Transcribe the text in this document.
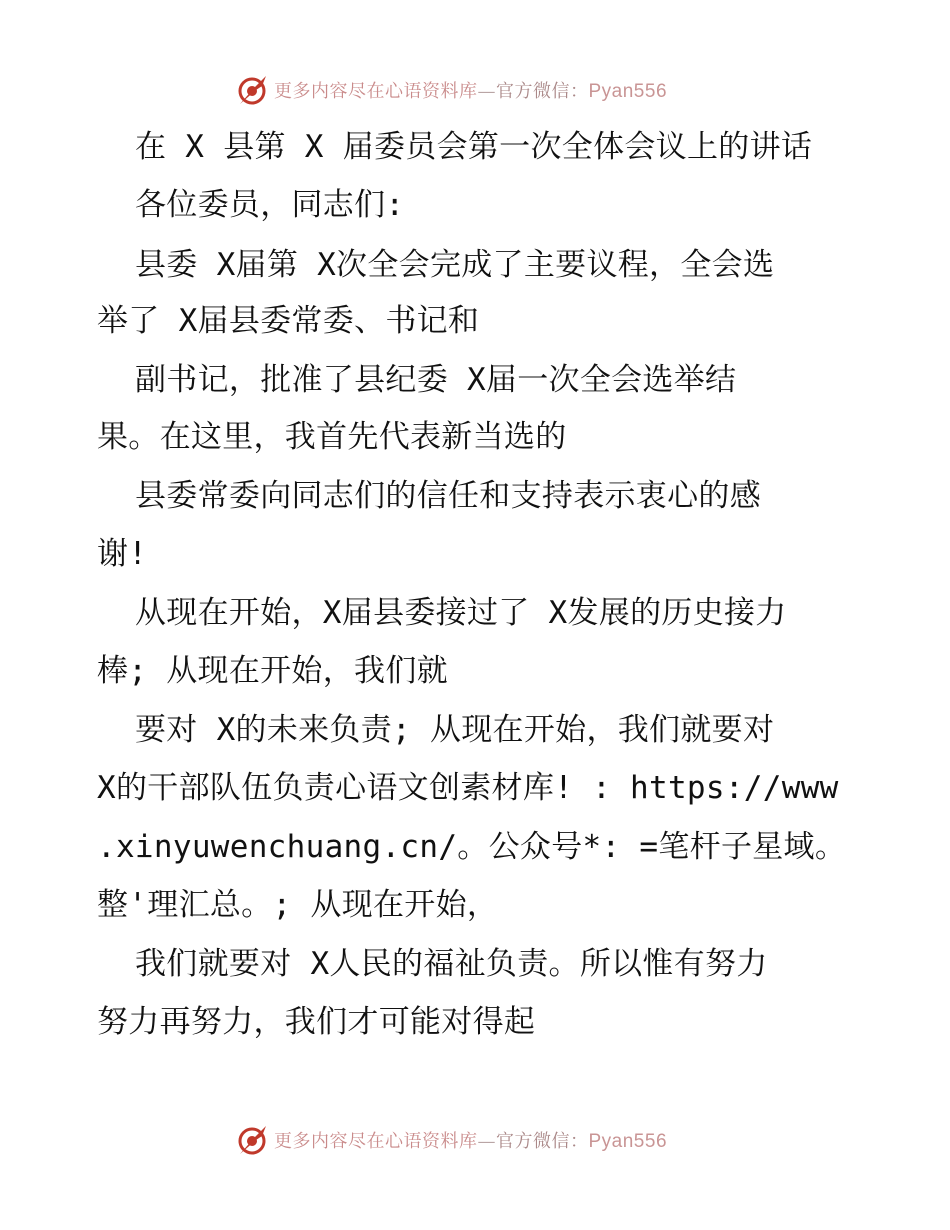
更多内容尽在心语资料库—官方微信：Pyan556
在 X 县第 X 届委员会第一次全体会议上的讲话
各位委员，同志们:
县委 X届第 X次全会完成了主要议程，全会选
举了 X届县委常委、书记和
副书记，批准了县纪委 X届一次全会选举结
果。在这里，我首先代表新当选的
县委常委向同志们的信任和支持表示衷心的感
谢!
从现在开始，X届县委接过了 X发展的历史接力
棒; 从现在开始，我们就
要对 X的未来负责; 从现在开始，我们就要对
X的干部队伍负责心语文创素材库! : https://www
.xinyuwenchuang.cn/。公众号*: =笔杆子星域。
整'理汇总。; 从现在开始，
我们就要对 X人民的福祉负责。所以惟有努力
努力再努力，我们才可能对得起
更多内容尽在心语资料库—官方微信：Pyan556
